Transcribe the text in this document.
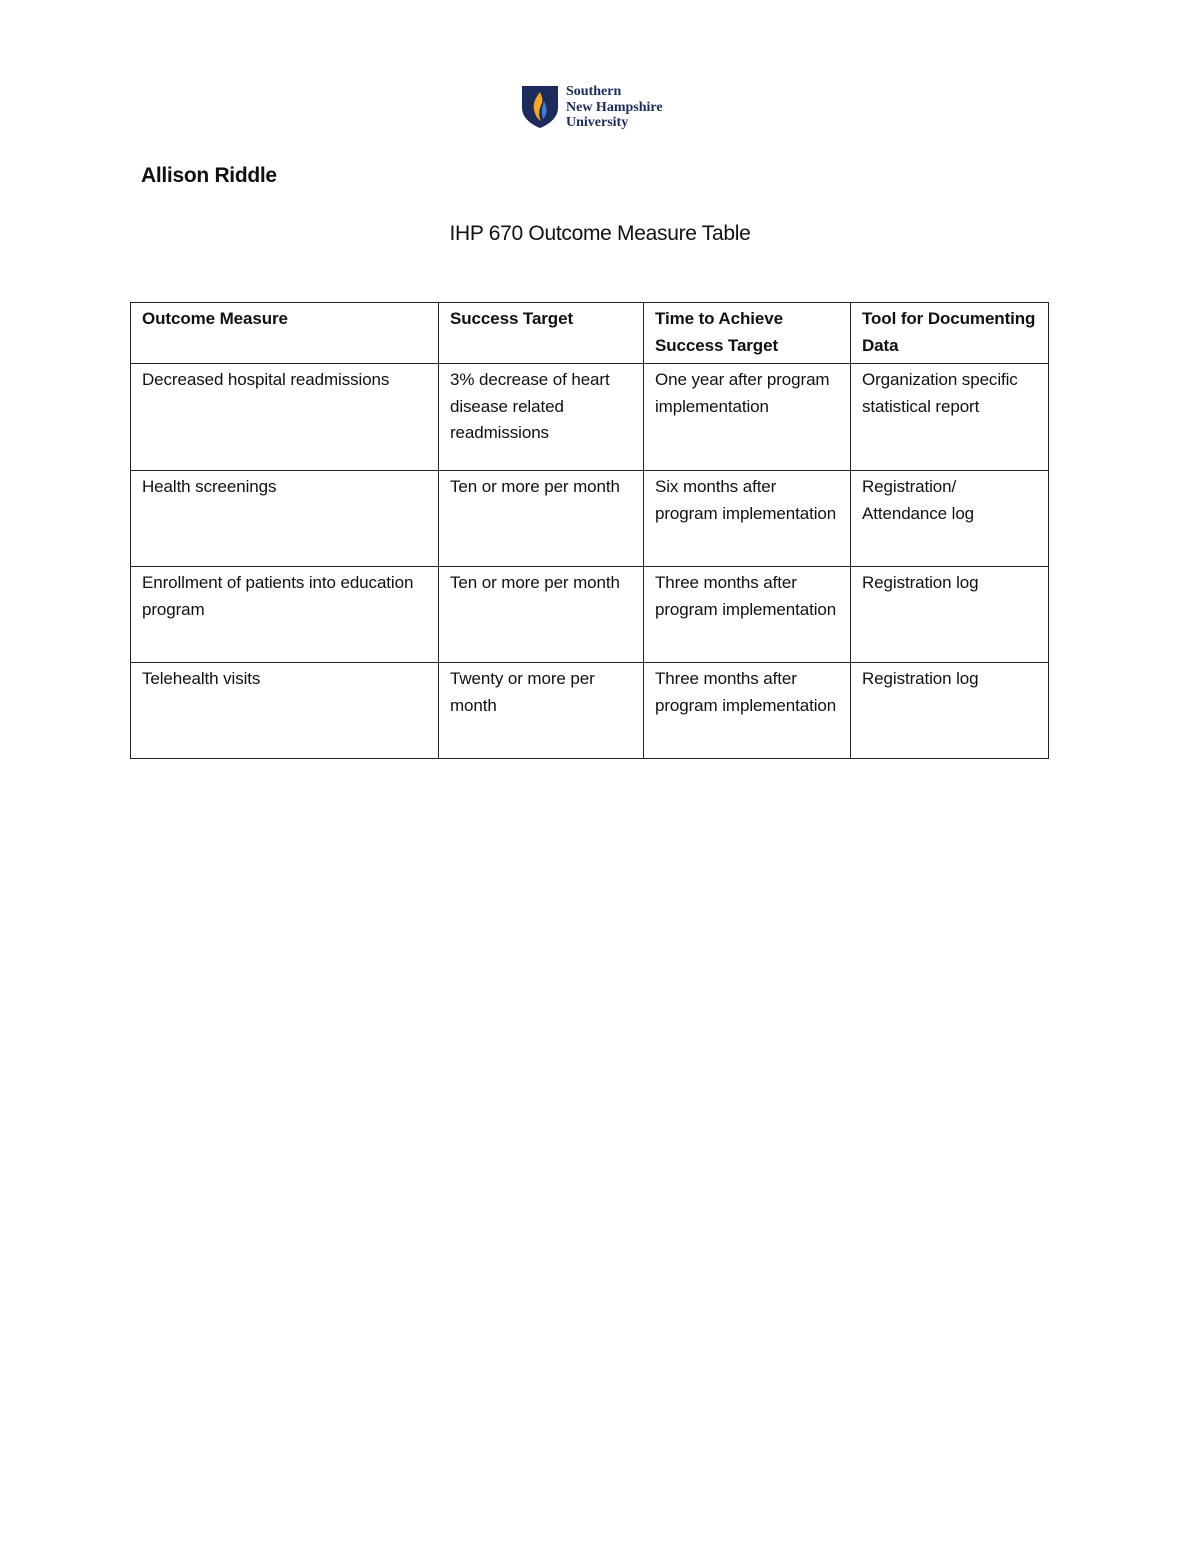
Southern
New Hampshire
University
Allison Riddle
IHP 670 Outcome Measure Table
Outcome Measure	Success Target	Time to Achieve Success Target	Tool for Documenting Data
Decreased hospital readmissions	3% decrease of heart disease related readmissions	One year after program implementation	Organization specific statistical report
Health screenings	Ten or more per month	Six months after program implementation	Registration/ Attendance log
Enrollment of patients into education program	Ten or more per month	Three months after program implementation	Registration log
Telehealth visits	Twenty or more per month	Three months after program implementation	Registration log
